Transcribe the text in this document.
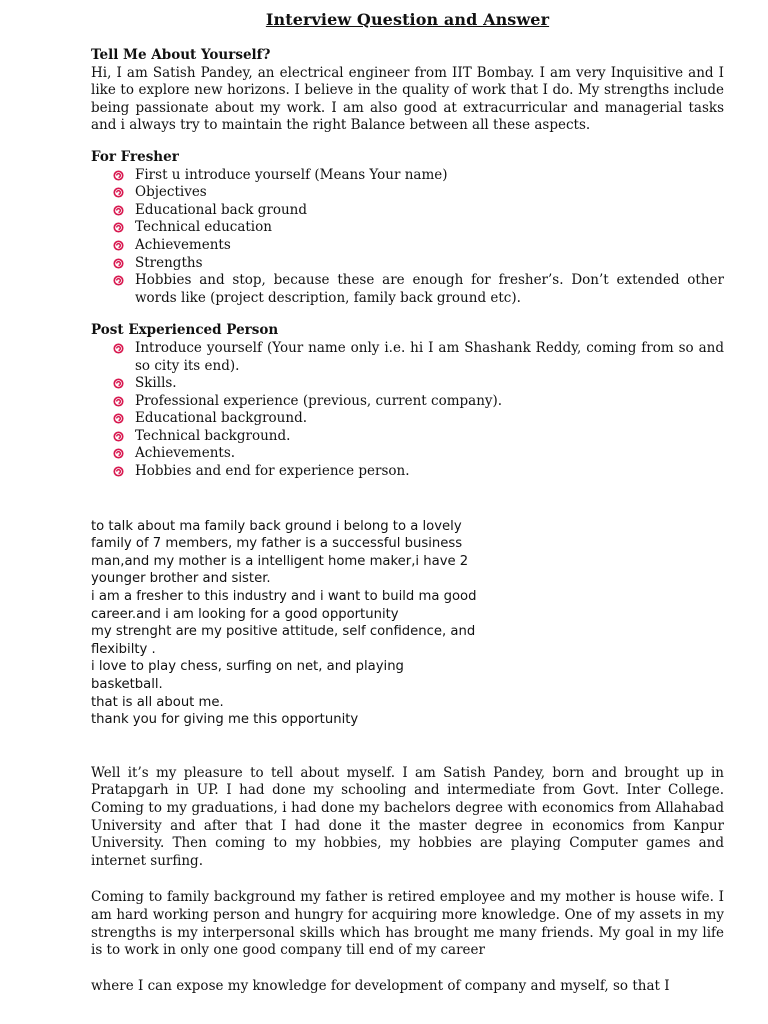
Interview Question and Answer

Tell Me About Yourself?

Hi, I am Satish Pandey, an electrical engineer from IIT Bombay. I am very Inquisitive and I like to explore new horizons. I believe in the quality of work that I do. My strengths include being passionate about my work. I am also good at extracurricular and managerial tasks and i always try to maintain the right Balance between all these aspects.

For Fresher

First u introduce yourself (Means Your name)
Objectives
Educational back ground
Technical education
Achievements
Strengths
Hobbies and stop, because these are enough for fresher’s. Don’t extended other words like (project description, family back ground etc).

Post Experienced Person

Introduce yourself (Your name only i.e. hi I am Shashank Reddy, coming from so and so city its end).
Skills.
Professional experience (previous, current company).
Educational background.
Technical background.
Achievements.
Hobbies and end for experience person.

to talk about ma family back ground i belong to a lovely

family of 7 members, my father is a successful business

man,and my mother is a intelligent home maker,i have 2

younger brother and sister.

i am a fresher to this industry and i want to build ma good

career.and i am looking for a good opportunity

my strenght are my positive attitude, self confidence, and

flexibilty .

i love to play chess, surfing on net, and playing

basketball.

that is all about me.

thank you for giving me this opportunity

Well it’s my pleasure to tell about myself. I am Satish Pandey, born and brought up in Pratapgarh in UP. I had done my schooling and intermediate from Govt. Inter College. Coming to my graduations, i had done my bachelors degree with economics from Allahabad University and after that I had done it the master degree in economics from Kanpur University. Then coming to my hobbies, my hobbies are playing Computer games and internet surfing.

Coming to family background my father is retired employee and my mother is house wife. I am hard working person and hungry for acquiring more knowledge. One of my assets in my strengths is my interpersonal skills which has brought me many friends. My goal in my life is to work in only one good company till end of my career

where I can expose my knowledge for development of company and myself, so that I
